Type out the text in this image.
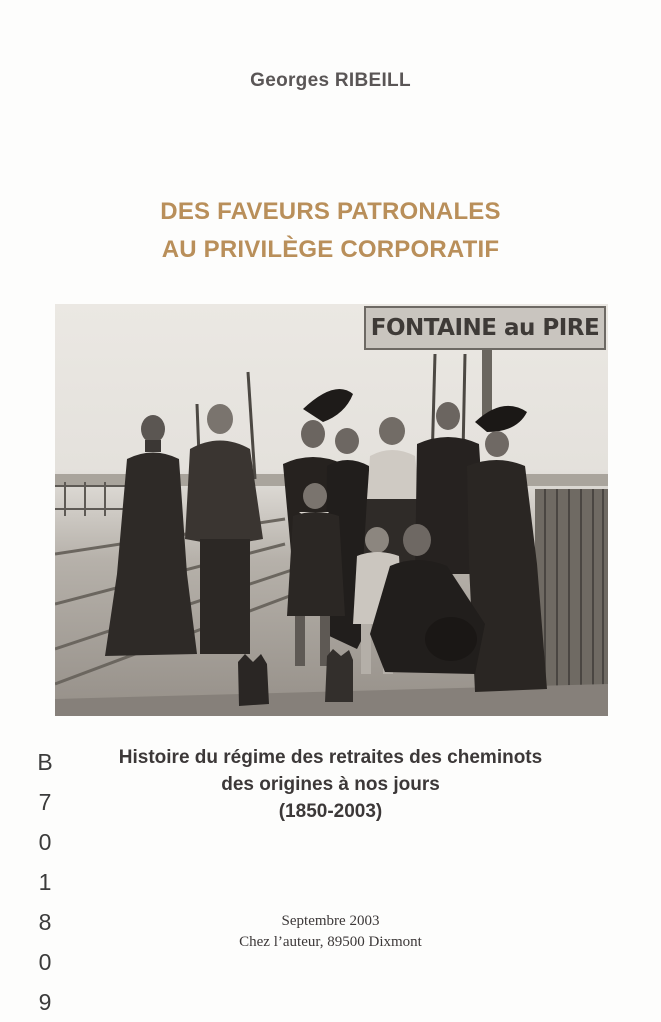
Georges RIBEILL
DES FAVEURS PATRONALES
AU PRIVILÈGE CORPORATIF
FONTAINE au PIRE
B
7
0
1
8
0
9
Histoire du régime des retraites des cheminots
des origines à nos jours
(1850-2003)
Septembre 2003
Chez l’auteur, 89500 Dixmont
